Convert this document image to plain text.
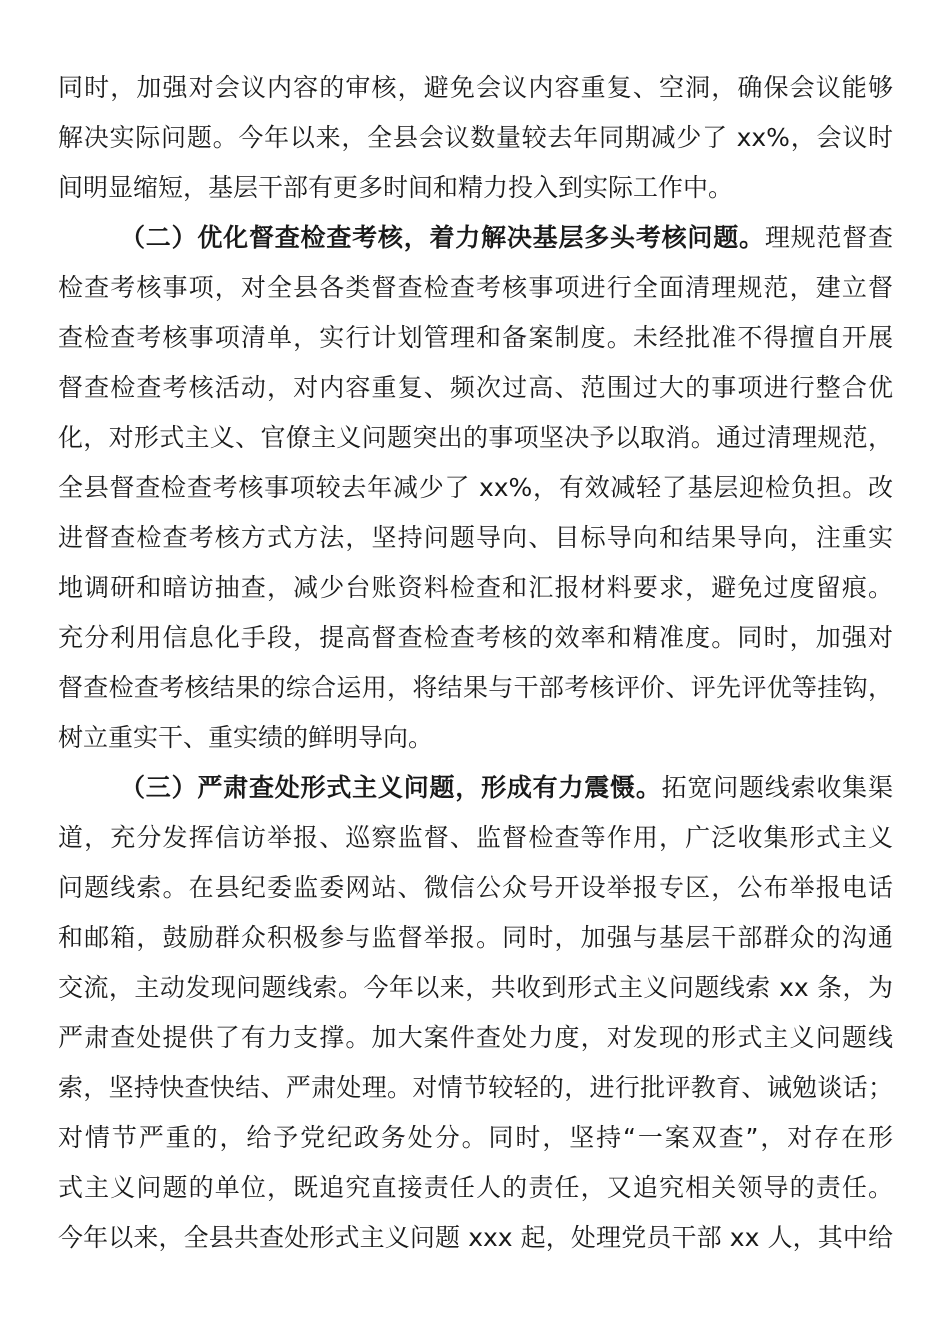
同时，加强对会议内容的审核，避免会议内容重复、空洞，确保会议能够
解决实际问题。今年以来，全县会议数量较去年同期减少了 xx%，会议时
间明显缩短，基层干部有更多时间和精力投入到实际工作中。
（二）优化督查检查考核，着力解决基层多头考核问题。理规范督查
检查考核事项，对全县各类督查检查考核事项进行全面清理规范，建立督
查检查考核事项清单，实行计划管理和备案制度。未经批准不得擅自开展
督查检查考核活动，对内容重复、频次过高、范围过大的事项进行整合优
化，对形式主义、官僚主义问题突出的事项坚决予以取消。通过清理规范，
全县督查检查考核事项较去年减少了 xx%，有效减轻了基层迎检负担。改
进督查检查考核方式方法，坚持问题导向、目标导向和结果导向，注重实
地调研和暗访抽查，减少台账资料检查和汇报材料要求，避免过度留痕。
充分利用信息化手段，提高督查检查考核的效率和精准度。同时，加强对
督查检查考核结果的综合运用，将结果与干部考核评价、评先评优等挂钩，
树立重实干、重实绩的鲜明导向。
（三）严肃查处形式主义问题，形成有力震慑。拓宽问题线索收集渠
道，充分发挥信访举报、巡察监督、监督检查等作用，广泛收集形式主义
问题线索。在县纪委监委网站、微信公众号开设举报专区，公布举报电话
和邮箱，鼓励群众积极参与监督举报。同时，加强与基层干部群众的沟通
交流，主动发现问题线索。今年以来，共收到形式主义问题线索 xx 条，为
严肃查处提供了有力支撑。加大案件查处力度，对发现的形式主义问题线
索，坚持快查快结、严肃处理。对情节较轻的，进行批评教育、诫勉谈话；
对情节严重的，给予党纪政务处分。同时，坚持“一案双查”，对存在形
式主义问题的单位，既追究直接责任人的责任，又追究相关领导的责任。
今年以来，全县共查处形式主义问题 xxx 起，处理党员干部 xx 人，其中给
